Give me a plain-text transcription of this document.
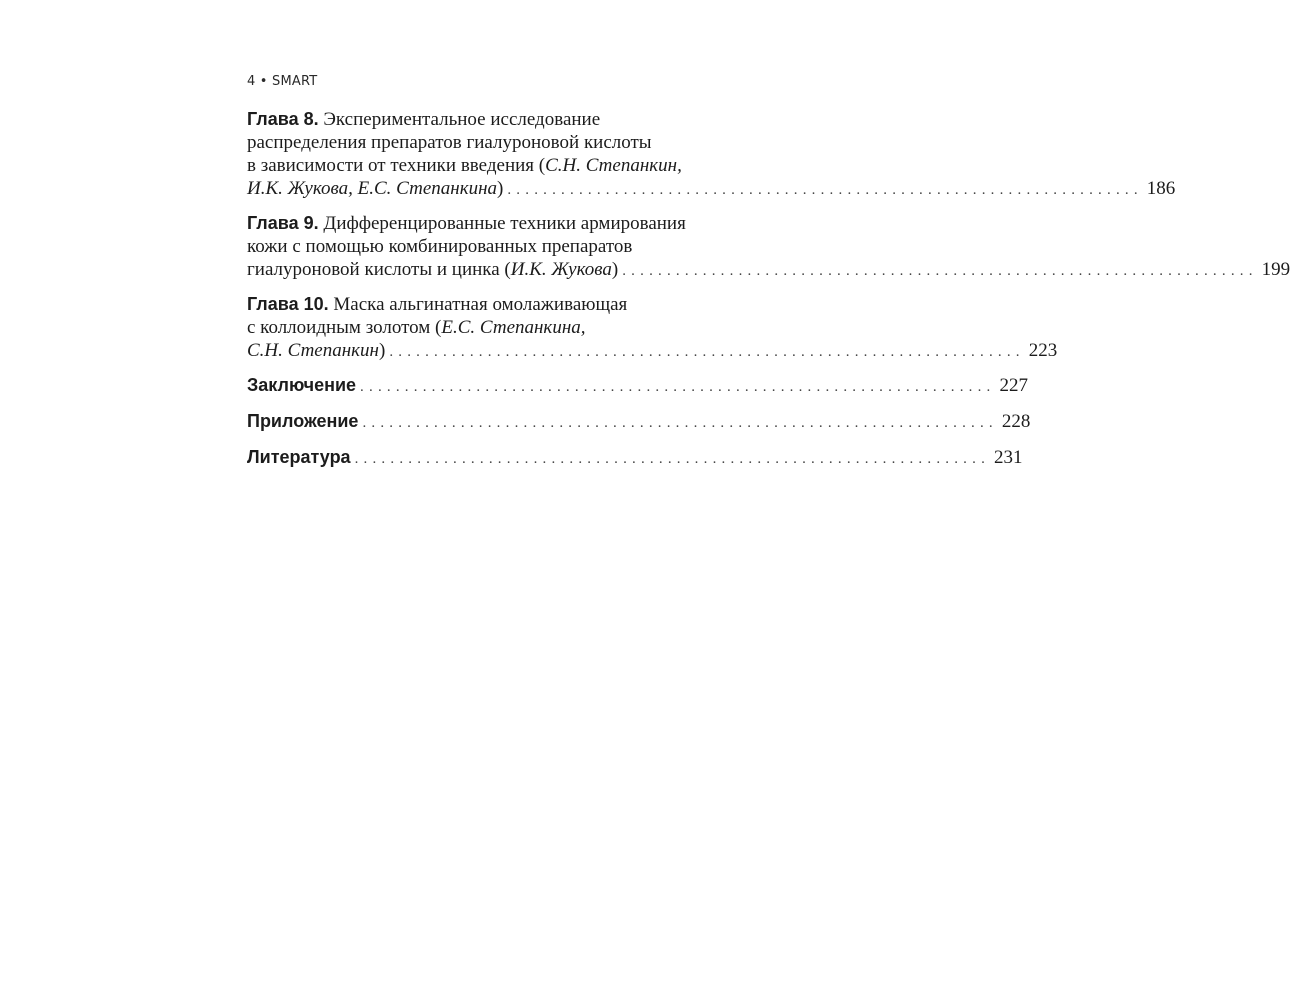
4 • SMART
Глава 8. Экспериментальное исследование
распределения препаратов гиалуроновой кислоты
в зависимости от техники введения (С.Н. Степанкин,
И.К. Жукова, Е.С. Степанкина) ....................................................................... 186
Глава 9. Дифференцированные техники армирования
кожи с помощью комбинированных препаратов
гиалуроновой кислоты и цинка (И.К. Жукова) ....................................................................... 199
Глава 10. Маска альгинатная омолаживающая
с коллоидным золотом (Е.С. Степанкина,
С.Н. Степанкин) ....................................................................... 223
Заключение ....................................................................... 227
Приложение ....................................................................... 228
Литература ....................................................................... 231
